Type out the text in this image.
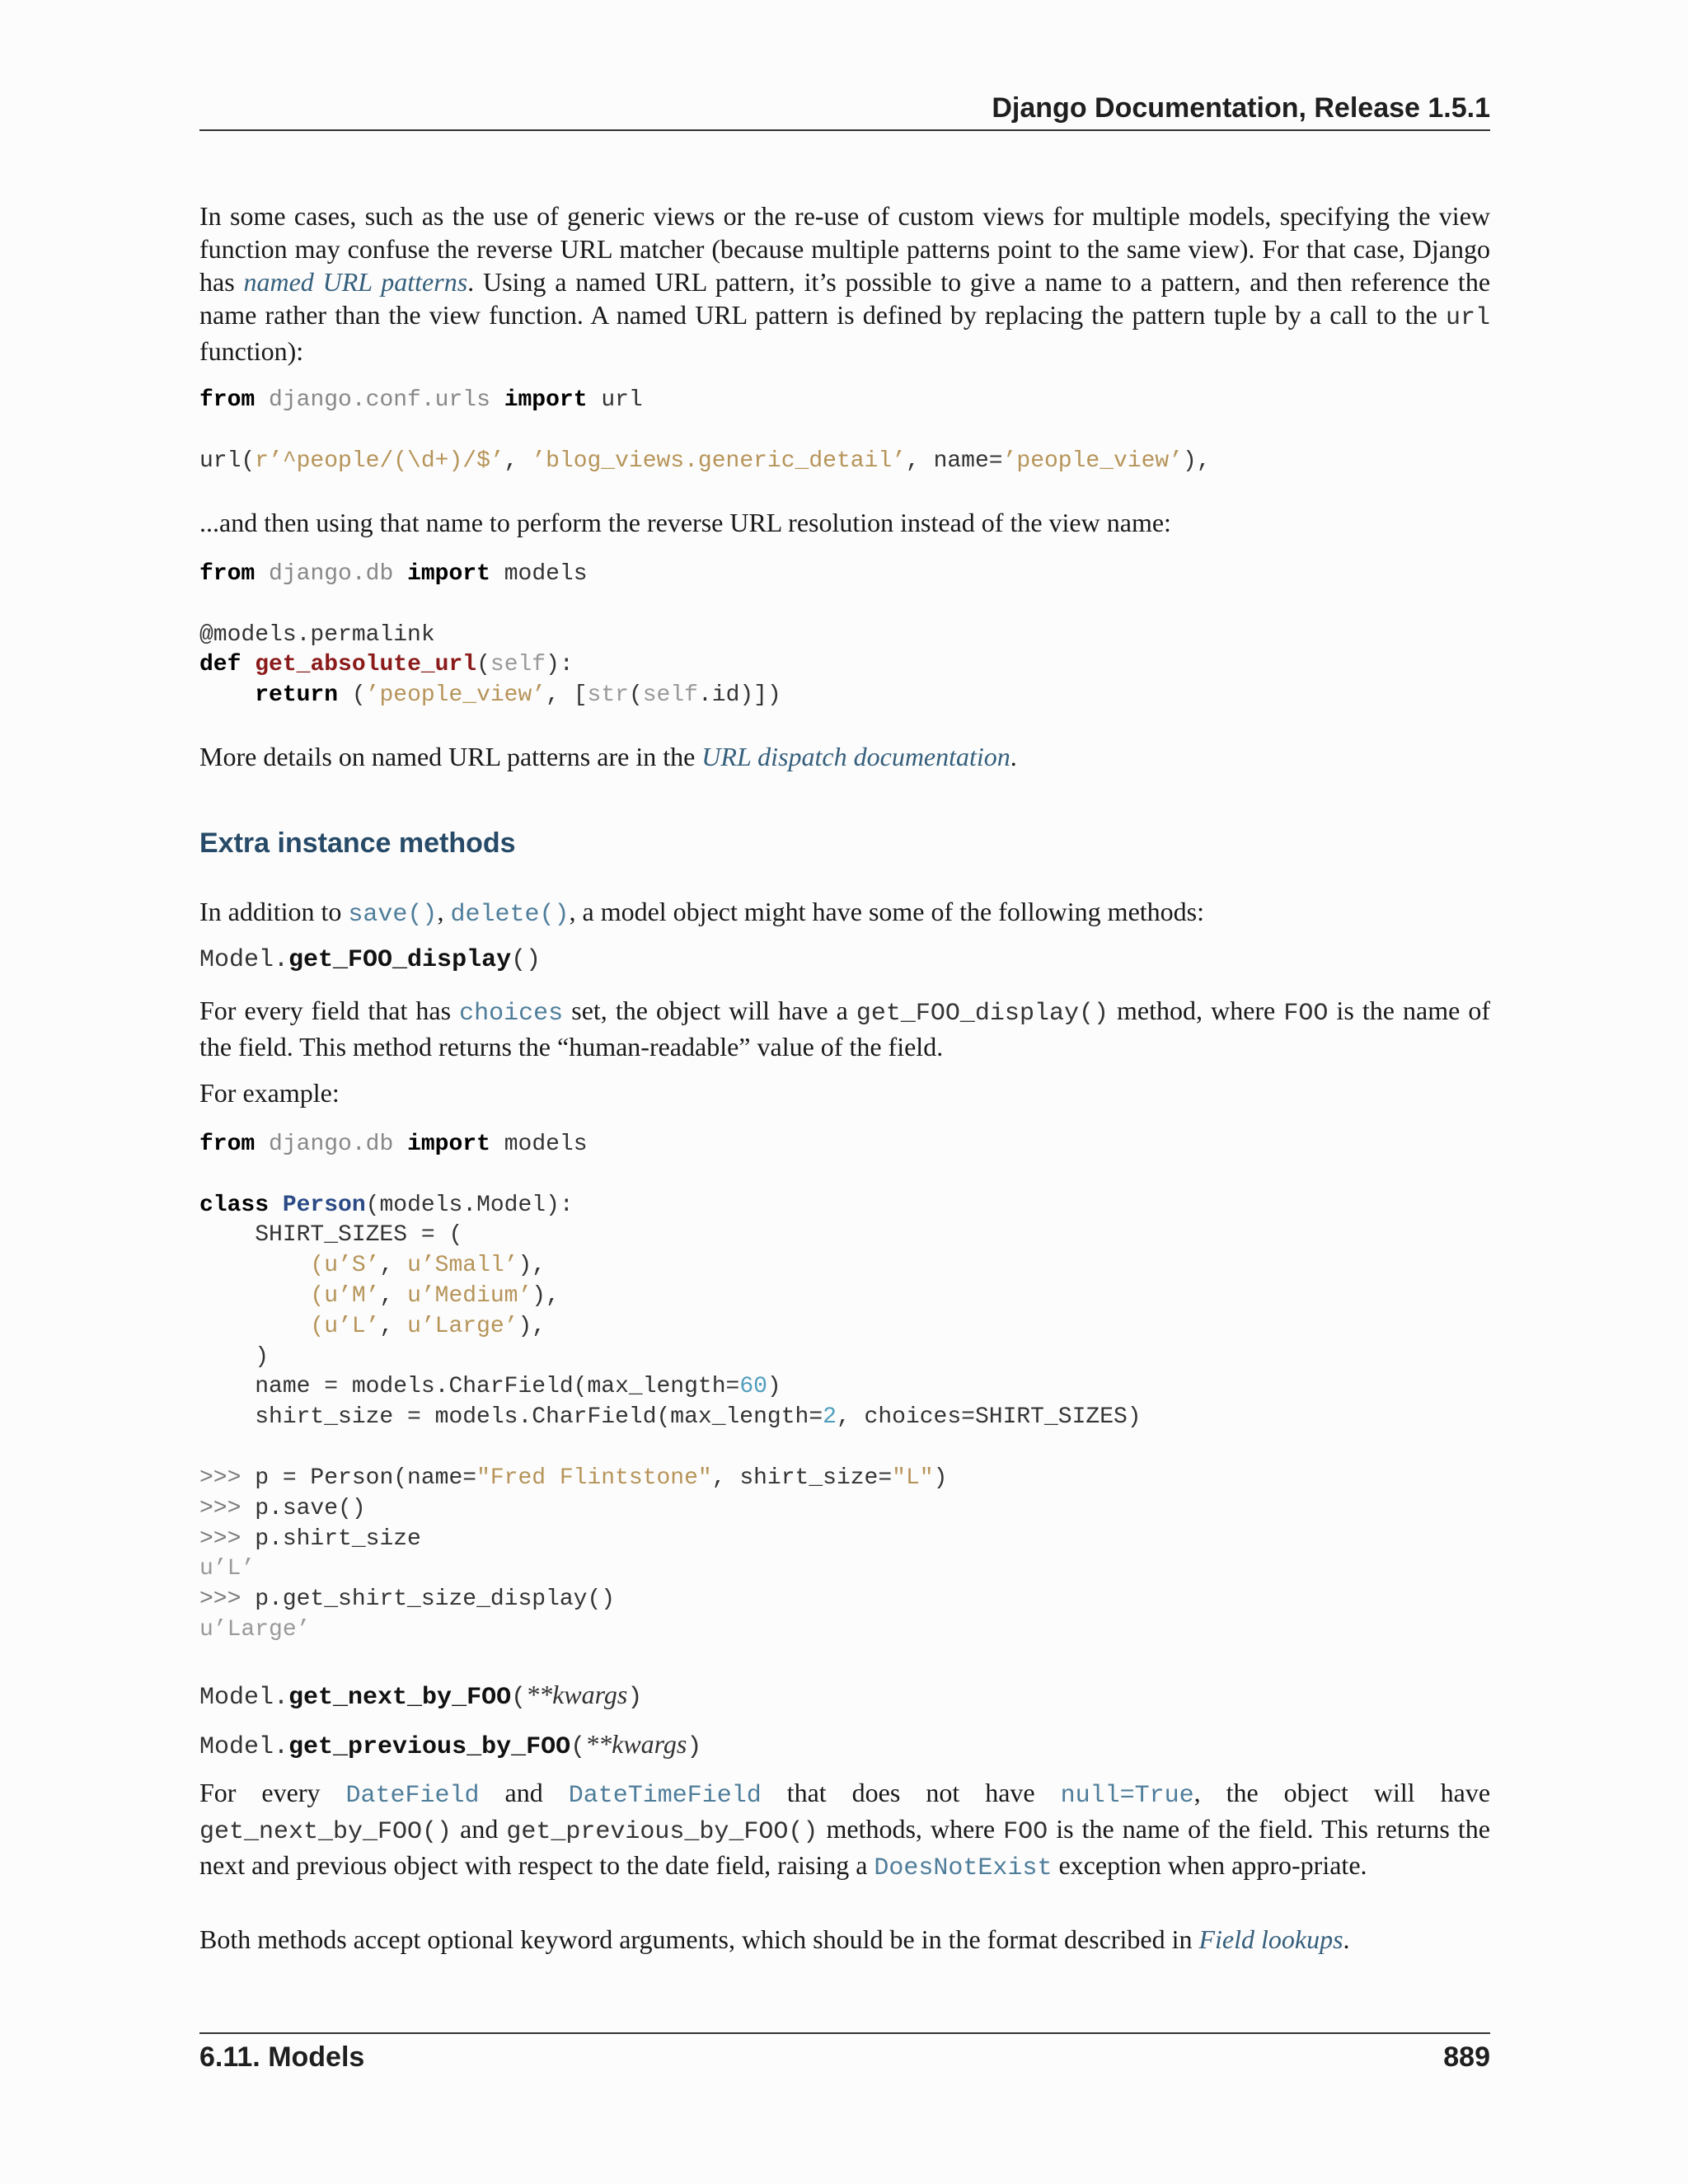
Django Documentation, Release 1.5.1

In some cases, such as the use of generic views or the re-use of custom views for multiple models, specifying the view function may confuse the reverse URL matcher (because multiple patterns point to the same view). For that case, Django has named URL patterns. Using a named URL pattern, it’s possible to give a name to a pattern, and then reference the name rather than the view function. A named URL pattern is defined by replacing the pattern tuple by a call to the url function):

from django.conf.urls import url

url(r’^people/(\d+)/$’, ’blog_views.generic_detail’, name=’people_view’),

...and then using that name to perform the reverse URL resolution instead of the view name:

from django.db import models

@models.permalink
def get_absolute_url(self):
return (’people_view’, [str(self.id)])

More details on named URL patterns are in the URL dispatch documentation.

Extra instance methods

In addition to save(), delete(), a model object might have some of the following methods:

Model.get_FOO_display()

For every field that has choices set, the object will have a get_FOO_display() method, where FOO is the name of the field. This method returns the “human-readable” value of the field.

For example:

from django.db import models

class Person(models.Model):
SHIRT_SIZES = (
(u’S’, u’Small’),
(u’M’, u’Medium’),
(u’L’, u’Large’),
)
name = models.CharField(max_length=60)
shirt_size = models.CharField(max_length=2, choices=SHIRT_SIZES)
>>> p = Person(name="Fred Flintstone", shirt_size="L")
>>> p.save()
>>> p.shirt_size
u’L’
>>> p.get_shirt_size_display()
u’Large’
Model.get_next_by_FOO(**kwargs)
Model.get_previous_by_FOO(**kwargs)

For every DateField and DateTimeField that does not have null=True, the object will have get_next_by_FOO() and get_previous_by_FOO() methods, where FOO is the name of the field. This returns the next and previous object with respect to the date field, raising a DoesNotExist exception when appro-priate.

Both methods accept optional keyword arguments, which should be in the format described in Field lookups.

6.11. Models	889
